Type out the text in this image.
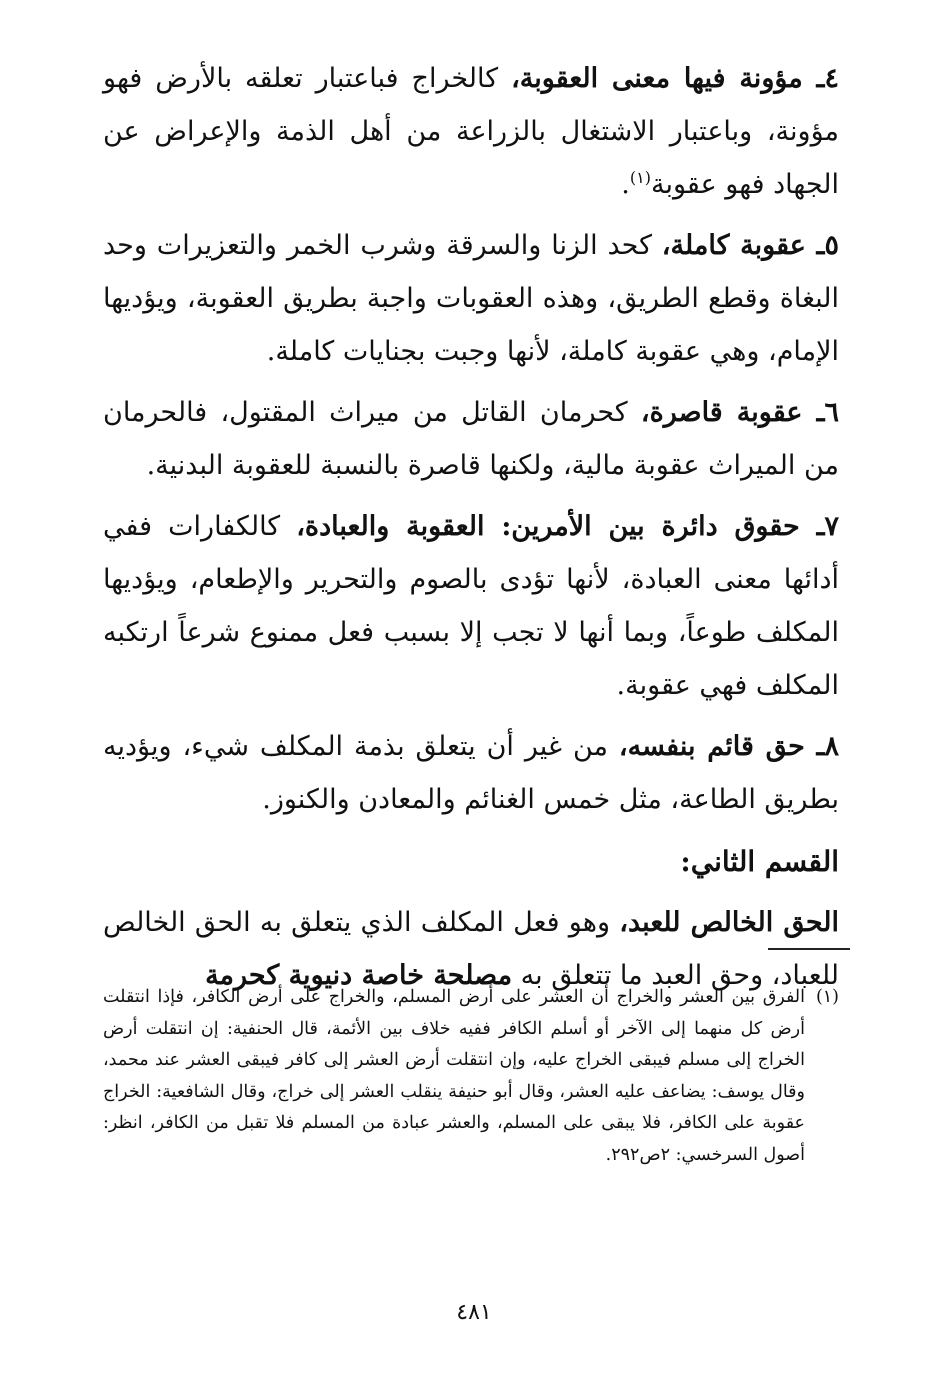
٤ـ مؤونة فيها معنى العقوبة، كالخراج فباعتبار تعلقه بالأرض فهو مؤونة، وباعتبار الاشتغال بالزراعة من أهل الذمة والإعراض عن الجهاد فهو عقوبة$^{(١)}$.

٥ـ عقوبة كاملة، كحد الزنا والسرقة وشرب الخمر والتعزيرات وحد البغاة وقطع الطريق، وهذه العقوبات واجبة بطريق العقوبة، ويؤديها الإمام، وهي عقوبة كاملة، لأنها وجبت بجنايات كاملة.

٦ـ عقوبة قاصرة، كحرمان القاتل من ميراث المقتول، فالحرمان من الميراث عقوبة مالية، ولكنها قاصرة بالنسبة للعقوبة البدنية.

٧ـ حقوق دائرة بين الأمرين: العقوبة والعبادة، كالكفارات ففي أدائها معنى العبادة، لأنها تؤدى بالصوم والتحرير والإطعام، ويؤديها المكلف طوعاً، وبما أنها لا تجب إلا بسبب فعل ممنوع شرعاً ارتكبه المكلف فهي عقوبة.

٨ـ حق قائم بنفسه، من غير أن يتعلق بذمة المكلف شيء، ويؤديه بطريق الطاعة، مثل خمس الغنائم والمعادن والكنوز.

القسم الثاني:

الحق الخالص للعبد، وهو فعل المكلف الذي يتعلق به الحق الخالص للعباد، وحق العبد ما تتعلق به مصلحة خاصة دنيوية كحرمة

(١)
الفرق بين العشر والخراج أن العشر على أرض المسلم، والخراج على أرض الكافر، فإذا انتقلت أرض كل منهما إلى الآخر أو أسلم الكافر ففيه خلاف بين الأئمة، قال الحنفية: إن انتقلت أرض الخراج إلى مسلم فيبقى الخراج عليه، وإن انتقلت أرض العشر إلى كافر فيبقى العشر عند محمد، وقال يوسف: يضاعف عليه العشر، وقال أبو حنيفة ينقلب العشر إلى خراج، وقال الشافعية: الخراج عقوبة على الكافر، فلا يبقى على المسلم، والعشر عبادة من المسلم فلا تقبل من الكافر، انظر: أصول السرخسي: ٢ص٢٩٢.
٤٨١
